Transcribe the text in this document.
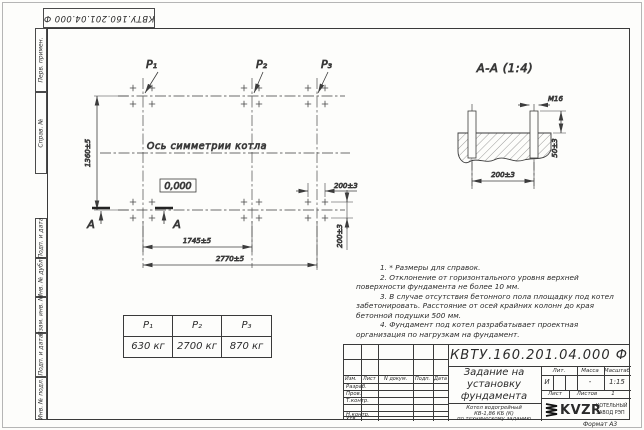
КВТУ.160.201.04.000 Ф
Перв. примен.
Справ. №
Подп. и дата
Инв. № дубл.
Взам. инв. №
Подп. и дата
Инв. № подл.
P₁	P₂	P₃
Ось симметрии котла
0,000
1360±5
1745±5
2770±5
200±3
200±3
А	А
А-А (1:4)
М16
50±3
200±3

1. * Размеры для справок.

2. Отклонение от горизонтального уровня верхней поверхности фундамента не более 10 мм.

3. В случае отсутствия бетонного пола площадку под котел забетонировать. Расстояние от осей крайних колонн до края бетонной подушки 500 мм.

4. Фундамент под котел разрабатывает проектная организация по нагрузкам на фундамент.

P₁	P₂	P₃
630 кг	2700 кг	870 кг
Изм. Лист N докум. Подп. Дата
Разраб.
Пров.
Т.контр.
Н.контр.
Утв.
КВТУ.160.201.04.000 Ф
Задание на
установку
фундамента
Котел водогрейный
КВ-1,86 КБ (К)
по техническому заданию
Лит.	Масса Масштаб
И	-	1:15
Лист	Листов	1
KVZR
КОТЕЛЬНЫЙ
ЗАВОД РЭП
Формат А3
